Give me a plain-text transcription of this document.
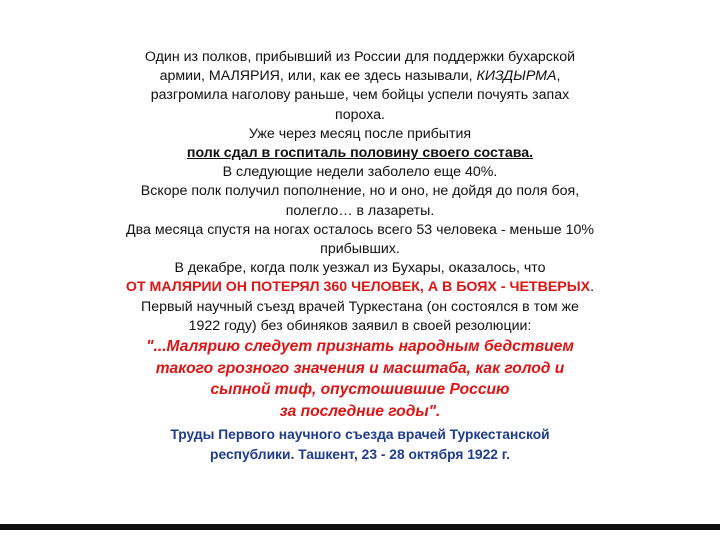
Один из полков, прибывший из России для поддержки бухарской
армии, МАЛЯРИЯ, или, как ее здесь называли, КИЗДЫРМА,
разгромила наголову раньше, чем бойцы успели почуять запах
пороха.
Уже через месяц после прибытия
полк сдал в госпиталь половину своего состава.
В следующие недели заболело еще 40%.
Вскоре полк получил пополнение, но и оно, не дойдя до поля боя,
полегло… в лазареты.
Два месяца спустя на ногах осталось всего 53 человека - меньше 10%
прибывших.
В декабре, когда полк уезжал из Бухары, оказалось, что
ОТ МАЛЯРИИ ОН ПОТЕРЯЛ 360 ЧЕЛОВЕК, А В БОЯХ - ЧЕТВЕРЫХ.
Первый научный съезд врачей Туркестана (он состоялся в том же
1922 году) без обиняков заявил в своей резолюции:
"...Малярию следует признать народным бедствием
такого грозного значения и масштаба, как голод и
сыпной тиф, опустошившие Россию
за последние годы".
Труды Первого научного съезда врачей Туркестанской
республики. Ташкент, 23 - 28 октября 1922 г.
